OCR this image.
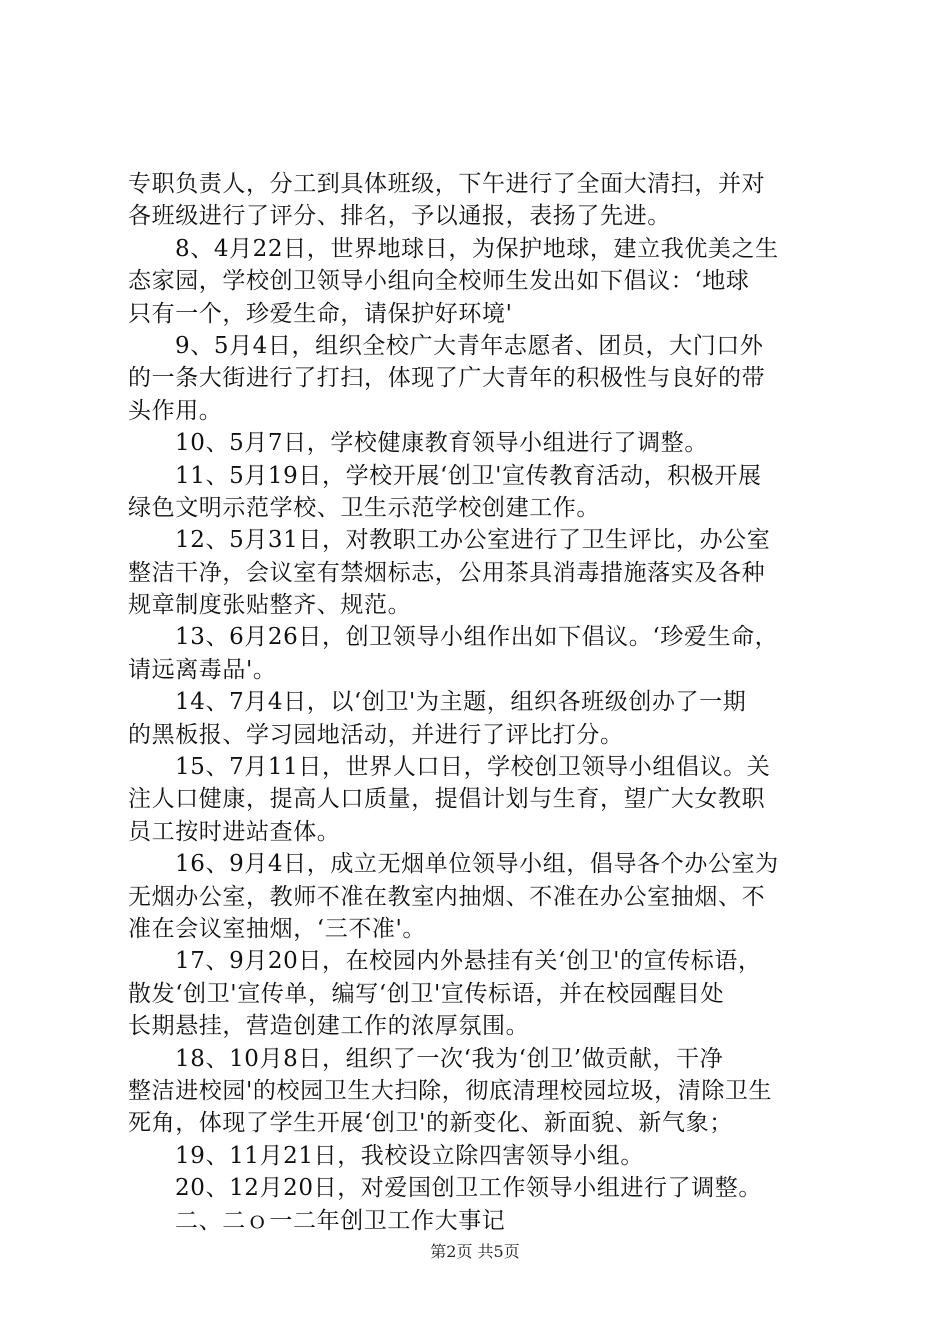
专职负责人，分工到具体班级，下午进行了全面大清扫，并对
各班级进行了评分、排名，予以通报，表扬了先进。
8、4月22日，世界地球日，为保护地球，建立我优美之生
态家园，学校创卫领导小组向全校师生发出如下倡议：‘地球
只有一个，珍爱生命，请保护好环境'
9、5月4日，组织全校广大青年志愿者、团员，大门口外
的一条大街进行了打扫，体现了广大青年的积极性与良好的带
头作用。
10、5月7日，学校健康教育领导小组进行了调整。
11、5月19日，学校开展‘创卫'宣传教育活动，积极开展
绿色文明示范学校、卫生示范学校创建工作。
12、5月31日，对教职工办公室进行了卫生评比，办公室
整洁干净，会议室有禁烟标志，公用茶具消毒措施落实及各种
规章制度张贴整齐、规范。
13、6月26日，创卫领导小组作出如下倡议。‘珍爱生命，
请远离毒品'。
14、7月4日，以‘创卫'为主题，组织各班级创办了一期
的黑板报、学习园地活动，并进行了评比打分。
15、7月11日，世界人口日，学校创卫领导小组倡议。关
注人口健康，提高人口质量，提倡计划与生育，望广大女教职
员工按时进站查体。
16、9月4日，成立无烟单位领导小组，倡导各个办公室为
无烟办公室，教师不准在教室内抽烟、不准在办公室抽烟、不
准在会议室抽烟，‘三不准'。
17、9月20日，在校园内外悬挂有关‘创卫'的宣传标语，
散发‘创卫'宣传单，编写‘创卫'宣传标语，并在校园醒目处
长期悬挂，营造创建工作的浓厚氛围。
18、10月8日，组织了一次‘我为‘创卫’做贡献，干净
整洁进校园'的校园卫生大扫除，彻底清理校园垃圾，清除卫生
死角，体现了学生开展‘创卫'的新变化、新面貌、新气象；
19、11月21日，我校设立除四害领导小组。
20、12月20日，对爱国创卫工作领导小组进行了调整。
二、二ｏ一二年创卫工作大事记
第2页 共5页
